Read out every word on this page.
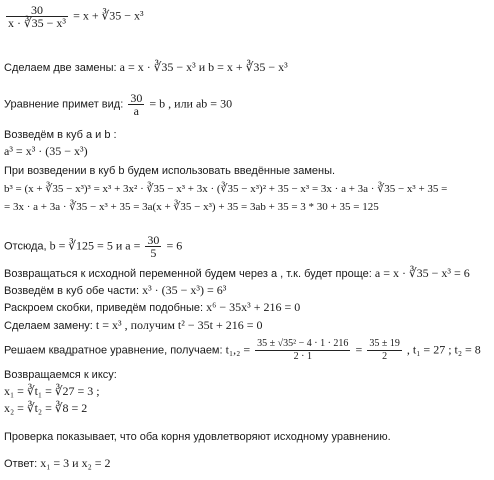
$\frac{30}{\text{x · ∛35 − x³}} = x$ + ∛35 − x³
Сделаем две замены: a = x · ∛35 − x³ и b = x + ∛35 − x³
Уравнение примет вид: $\frac{30}{a} = b$ , или ab = 30
Возведём в куб a и b :
a³ = x³ · (35 − x³)
При возведении в куб b будем использовать введённые замены.
b³ = (x + ∛35 − x³)³ = x³ + 3x² · ∛35 − x³ + 3x · (∛35 − x³)² + 35 − x³ = 3x · a + 3a · ∛35 − x³ + 35 =
= 3x · a + 3a · ∛35 − x³ + 35 = 3a(x + ∛35 − x³) + 35 = 3ab + 35 = 3 * 30 + 35 = 125
Отсюда, b = ∛125 = 5 и $a = \frac{30}{5} = 6$
Возвращаться к исходной переменной будем через a , т.к. будет проще: a = x · ∛35 − x³ = 6
Возведём в куб обе части: x³ · (35 − x³) = 6³
Раскроем скобки, приведём подобные: x⁶ − 35x³ + 216 = 0
Сделаем замену: t = x³ , получим t² − 35t + 216 = 0
Решаем квадратное уравнение, получаем: $t_1,_2 = \frac{\text{35 ± √35² − 4 · 1 · 216}}{2 \cdot 1} = \frac{35 \pm 19}{2}$ , t₁ = 27 ; t₂ = 8
Возвращаемся к иксу:
x₁ = ∛t₁ = ∛27 = 3 ;
x₂ = ∛t₂ = ∛8 = 2
Проверка показывает, что оба корня удовлетворяют исходному уравнению.
Ответ: x₁ = 3 и x₂ = 2
